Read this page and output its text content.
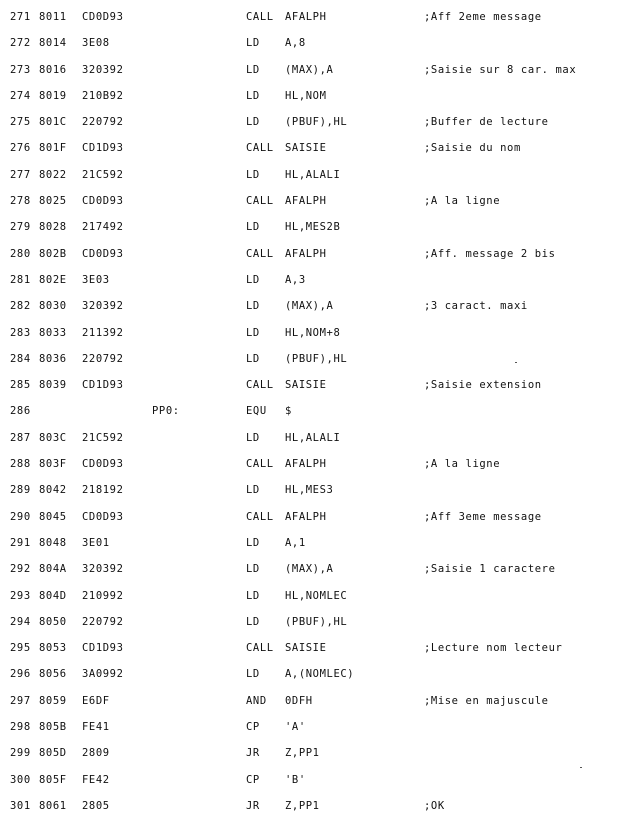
271 8011 CD0D93	CALL AFALPH	;Aff 2eme message
272 8014 3E08	LD A,8
273 8016 320392	LD (MAX),A	;Saisie sur 8 car. max
274 8019 210B92	LD HL,NOM
275 801C 220792	LD (PBUF),HL	;Buffer de lecture
276 801F CD1D93	CALL SAISIE	;Saisie du nom
277 8022 21C592	LD HL,ALALI
278 8025 CD0D93	CALL AFALPH	;A la ligne
279 8028 217492	LD HL,MES2B
280 802B CD0D93	CALL AFALPH	;Aff. message 2 bis
281 802E 3E03	LD A,3
282 8030 320392	LD (MAX),A	;3 caract. maxi
283 8033 211392	LD HL,NOM+8
284 8036 220792	LD (PBUF),HL
285 8039 CD1D93	CALL SAISIE	;Saisie extension
286	PP0:	EQU $
287 803C 21C592	LD HL,ALALI
288 803F CD0D93	CALL AFALPH	;A la ligne
289 8042 218192	LD HL,MES3
290 8045 CD0D93	CALL AFALPH	;Aff 3eme message
291 8048 3E01	LD A,1
292 804A 320392	LD (MAX),A	;Saisie 1 caractere
293 804D 210992	LD HL,NOMLEC
294 8050 220792	LD (PBUF),HL
295 8053 CD1D93	CALL SAISIE	;Lecture nom lecteur
296 8056 3A0992	LD A,(NOMLEC)
297 8059 E6DF	AND 0DFH	;Mise en majuscule
298 805B FE41	CP 'A'
299 805D 2809	JR Z,PP1
300 805F FE42	CP 'B'
301 8061 2805	JR Z,PP1	;OK
